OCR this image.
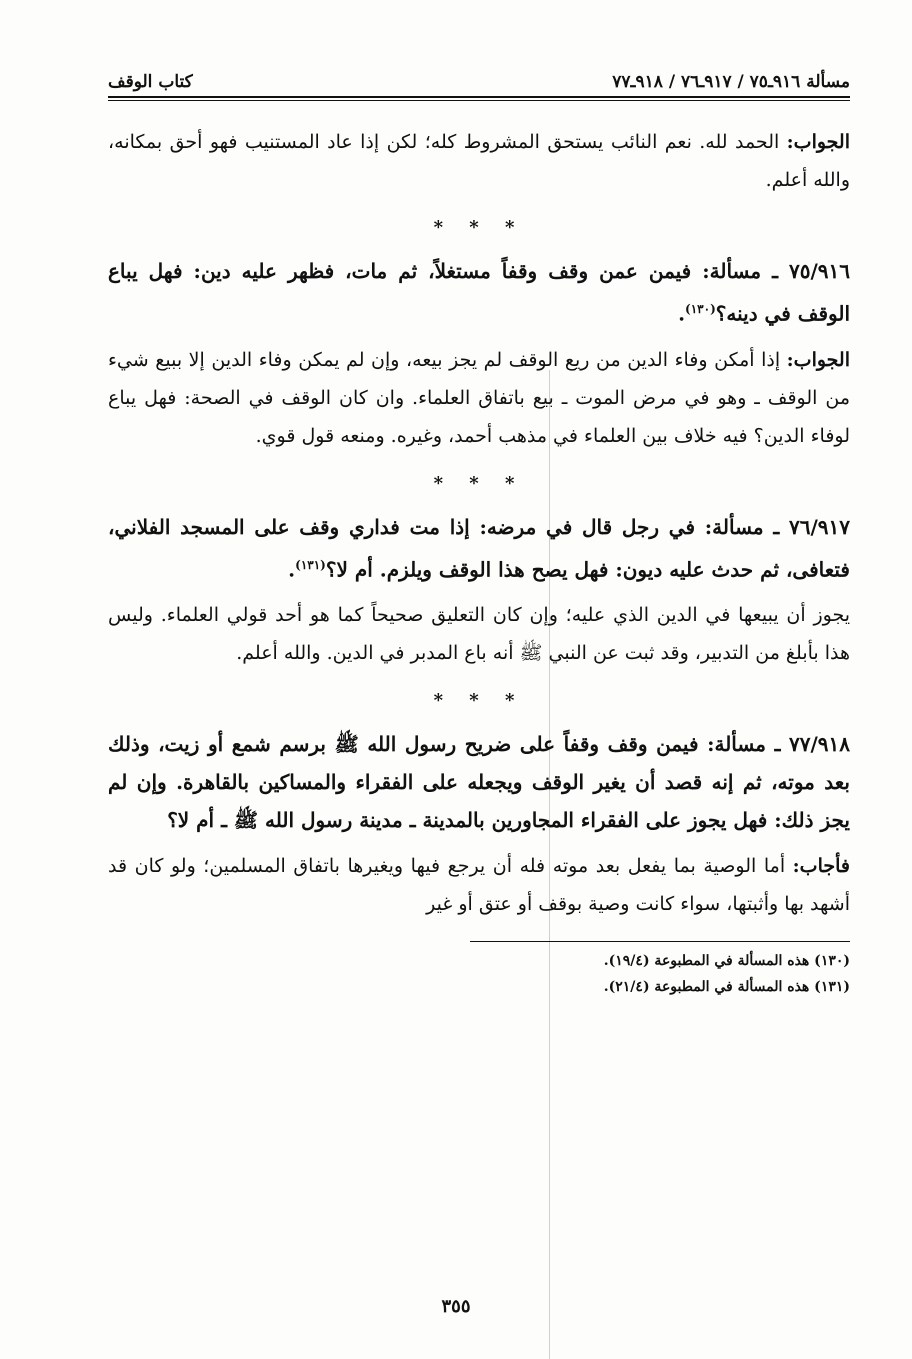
مسألة ٩١٦ـ٧٥ / ٩١٧ـ٧٦ / ٩١٨ـ٧٧
كتاب الوقف

الجواب: الحمد لله. نعم النائب يستحق المشروط كله؛ لكن إذا عاد المستنيب فهو أحق بمكانه، والله أعلم.

* * *

٧٥/٩١٦ ـ مسألة: فيمن عمن وقف وقفاً مستغلاً، ثم مات، فظهر عليه دين: فهل يباع الوقف في دينه؟$^{(١٣٠)}$.

الجواب: إذا أمكن وفاء الدين من ريع الوقف لم يجز بيعه، وإن لم يمكن وفاء الدين إلا ببيع شيء من الوقف ـ وهو في مرض الموت ـ بيع باتفاق العلماء. وان كان الوقف في الصحة: فهل يباع لوفاء الدين؟ فيه خلاف بين العلماء في مذهب أحمد، وغيره. ومنعه قول قوي.

* * *

٧٦/٩١٧ ـ مسألة: في رجل قال في مرضه: إذا مت فداري وقف على المسجد الفلاني، فتعافى، ثم حدث عليه ديون: فهل يصح هذا الوقف ويلزم. أم لا؟$^{(١٣١)}$.

يجوز أن يبيعها في الدين الذي عليه؛ وإن كان التعليق صحيحاً كما هو أحد قولي العلماء. وليس هذا بأبلغ من التدبير، وقد ثبت عن النبي ﷺ أنه باع المدبر في الدين. والله أعلم.

* * *

٧٧/٩١٨ ـ مسألة: فيمن وقف وقفاً على ضريح رسول الله ﷺ برسم شمع أو زيت، وذلك بعد موته، ثم إنه قصد أن يغير الوقف ويجعله على الفقراء والمساكين بالقاهرة. وإن لم يجز ذلك: فهل يجوز على الفقراء المجاورين بالمدينة ـ مدينة رسول الله ﷺ ـ أم لا؟

فأجاب: أما الوصية بما يفعل بعد موته فله أن يرجع فيها ويغيرها باتفاق المسلمين؛ ولو كان قد أشهد بها وأثبتها، سواء كانت وصية بوقف أو عتق أو غير

(١٣٠) هذه المسألة في المطبوعة (١٩/٤).

(١٣١) هذه المسألة في المطبوعة (٢١/٤).

٣٥٥
